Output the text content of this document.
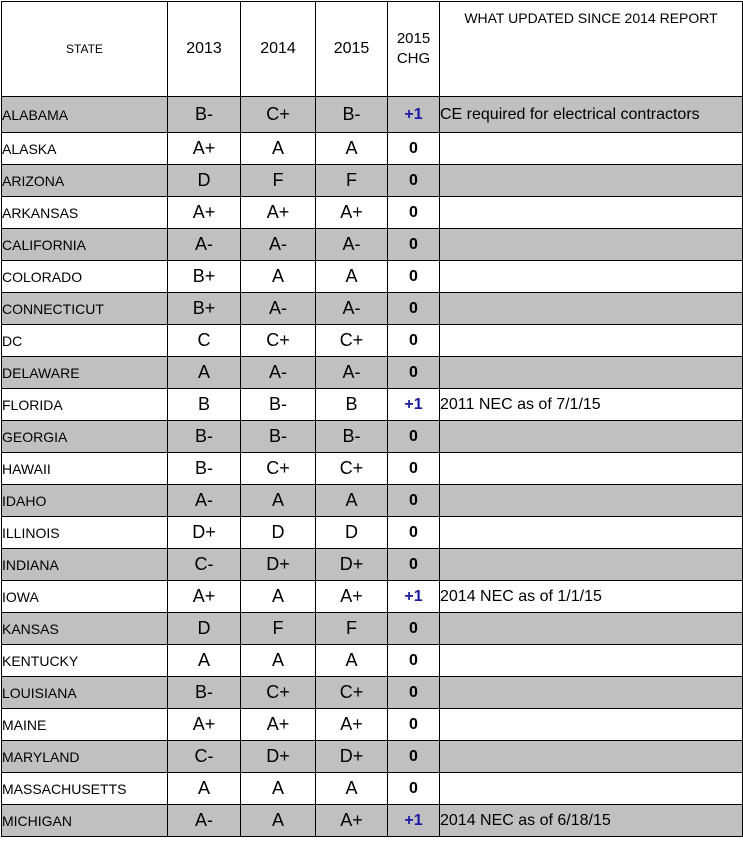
STATE	2013	2014	2015	2015 CHG	WHAT UPDATED SINCE 2014 REPORT
ALABAMA	B-	C+	B-	+1	CE required for electrical contractors
ALASKA	A+	A	A	0	
ARIZONA	D	F	F	0	
ARKANSAS	A+	A+	A+	0	
CALIFORNIA	A-	A-	A-	0	
COLORADO	B+	A	A	0	
CONNECTICUT	B+	A-	A-	0	
DC	C	C+	C+	0	
DELAWARE	A	A-	A-	0	
FLORIDA	B	B-	B	+1	2011 NEC as of 7/1/15
GEORGIA	B-	B-	B-	0	
HAWAII	B-	C+	C+	0	
IDAHO	A-	A	A	0	
ILLINOIS	D+	D	D	0	
INDIANA	C-	D+	D+	0	
IOWA	A+	A	A+	+1	2014 NEC as of 1/1/15
KANSAS	D	F	F	0	
KENTUCKY	A	A	A	0	
LOUISIANA	B-	C+	C+	0	
MAINE	A+	A+	A+	0	
MARYLAND	C-	D+	D+	0	
MASSACHUSETTS	A	A	A	0	
MICHIGAN	A-	A	A+	+1	2014 NEC as of 6/18/15
